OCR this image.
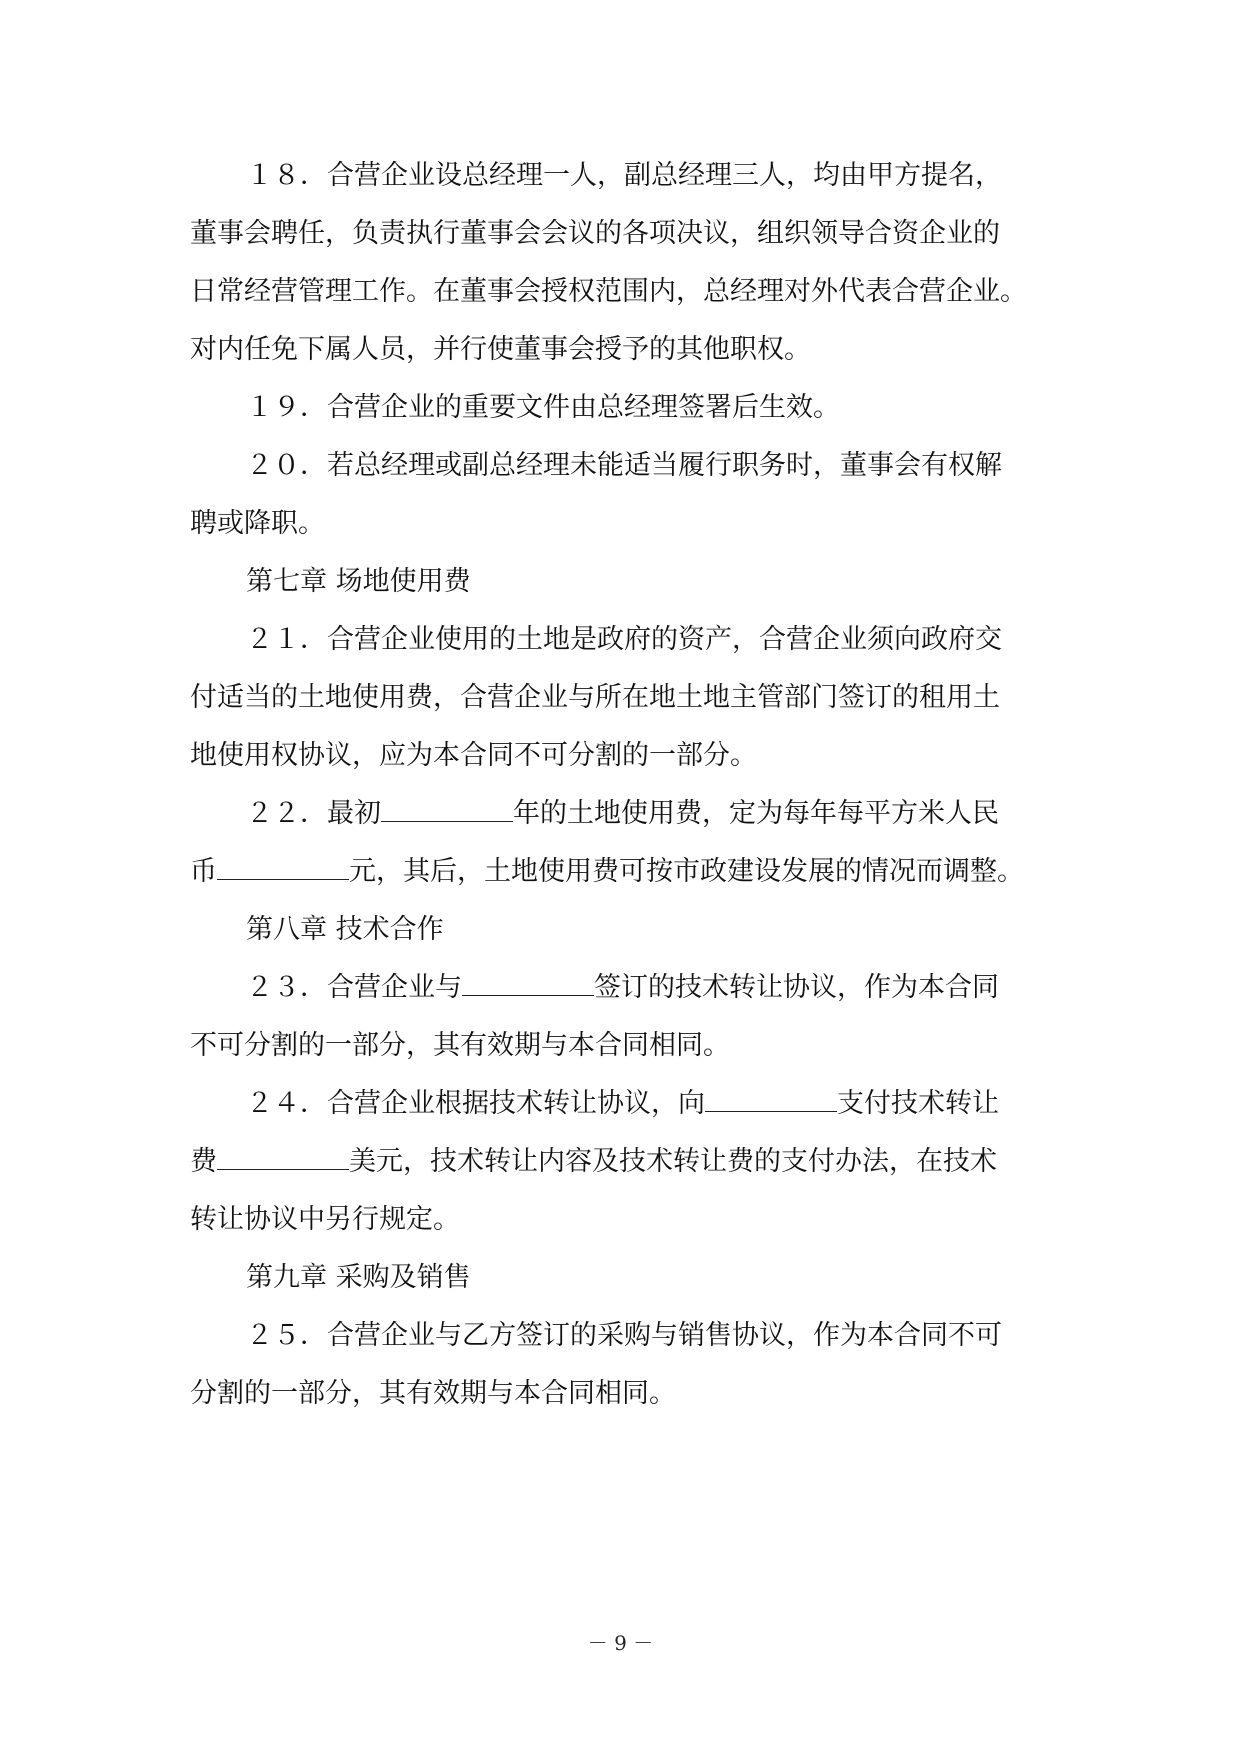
１８．合营企业设总经理一人，副总经理三人，均由甲方提名，
董事会聘任，负责执行董事会会议的各项决议，组织领导合资企业的
日常经营管理工作。在董事会授权范围内，总经理对外代表合营企业。
对内任免下属人员，并行使董事会授予的其他职权。
１９．合营企业的重要文件由总经理签署后生效。
２０．若总经理或副总经理未能适当履行职务时，董事会有权解
聘或降职。
第七章 场地使用费
２１．合营企业使用的土地是政府的资产，合营企业须向政府交
付适当的土地使用费，合营企业与所在地土地主管部门签订的租用土
地使用权协议，应为本合同不可分割的一部分。
２２．最初	年的土地使用费，定为每年每平方米人民
币	元，其后，土地使用费可按市政建设发展的情况而调整。
第八章 技术合作
２３．合营企业与	签订的技术转让协议，作为本合同
不可分割的一部分，其有效期与本合同相同。
２４．合营企业根据技术转让协议，向	支付技术转让
费	美元，技术转让内容及技术转让费的支付办法，在技术
转让协议中另行规定。
第九章 采购及销售
２５．合营企业与乙方签订的采购与销售协议，作为本合同不可
分割的一部分，其有效期与本合同相同。
－ 9 －
